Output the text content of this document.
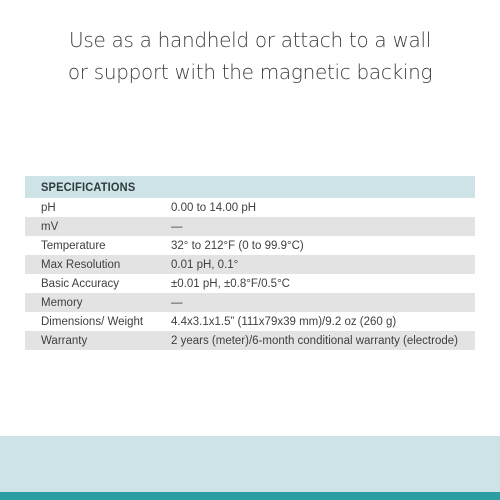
Use as a handheld or attach to a wall
or support with the magnetic backing
SPECIFICATIONS
pH	0.00 to 14.00 pH
mV	—
Temperature	32° to 212°F (0 to 99.9°C)
Max Resolution	0.01 pH, 0.1°
Basic Accuracy	±0.01 pH, ±0.8°F/0.5°C
Memory	—
Dimensions/ Weight	4.4x3.1x1.5” (111x79x39 mm)/9.2 oz (260 g)
Warranty	2 years (meter)/6-month conditional warranty (electrode)
